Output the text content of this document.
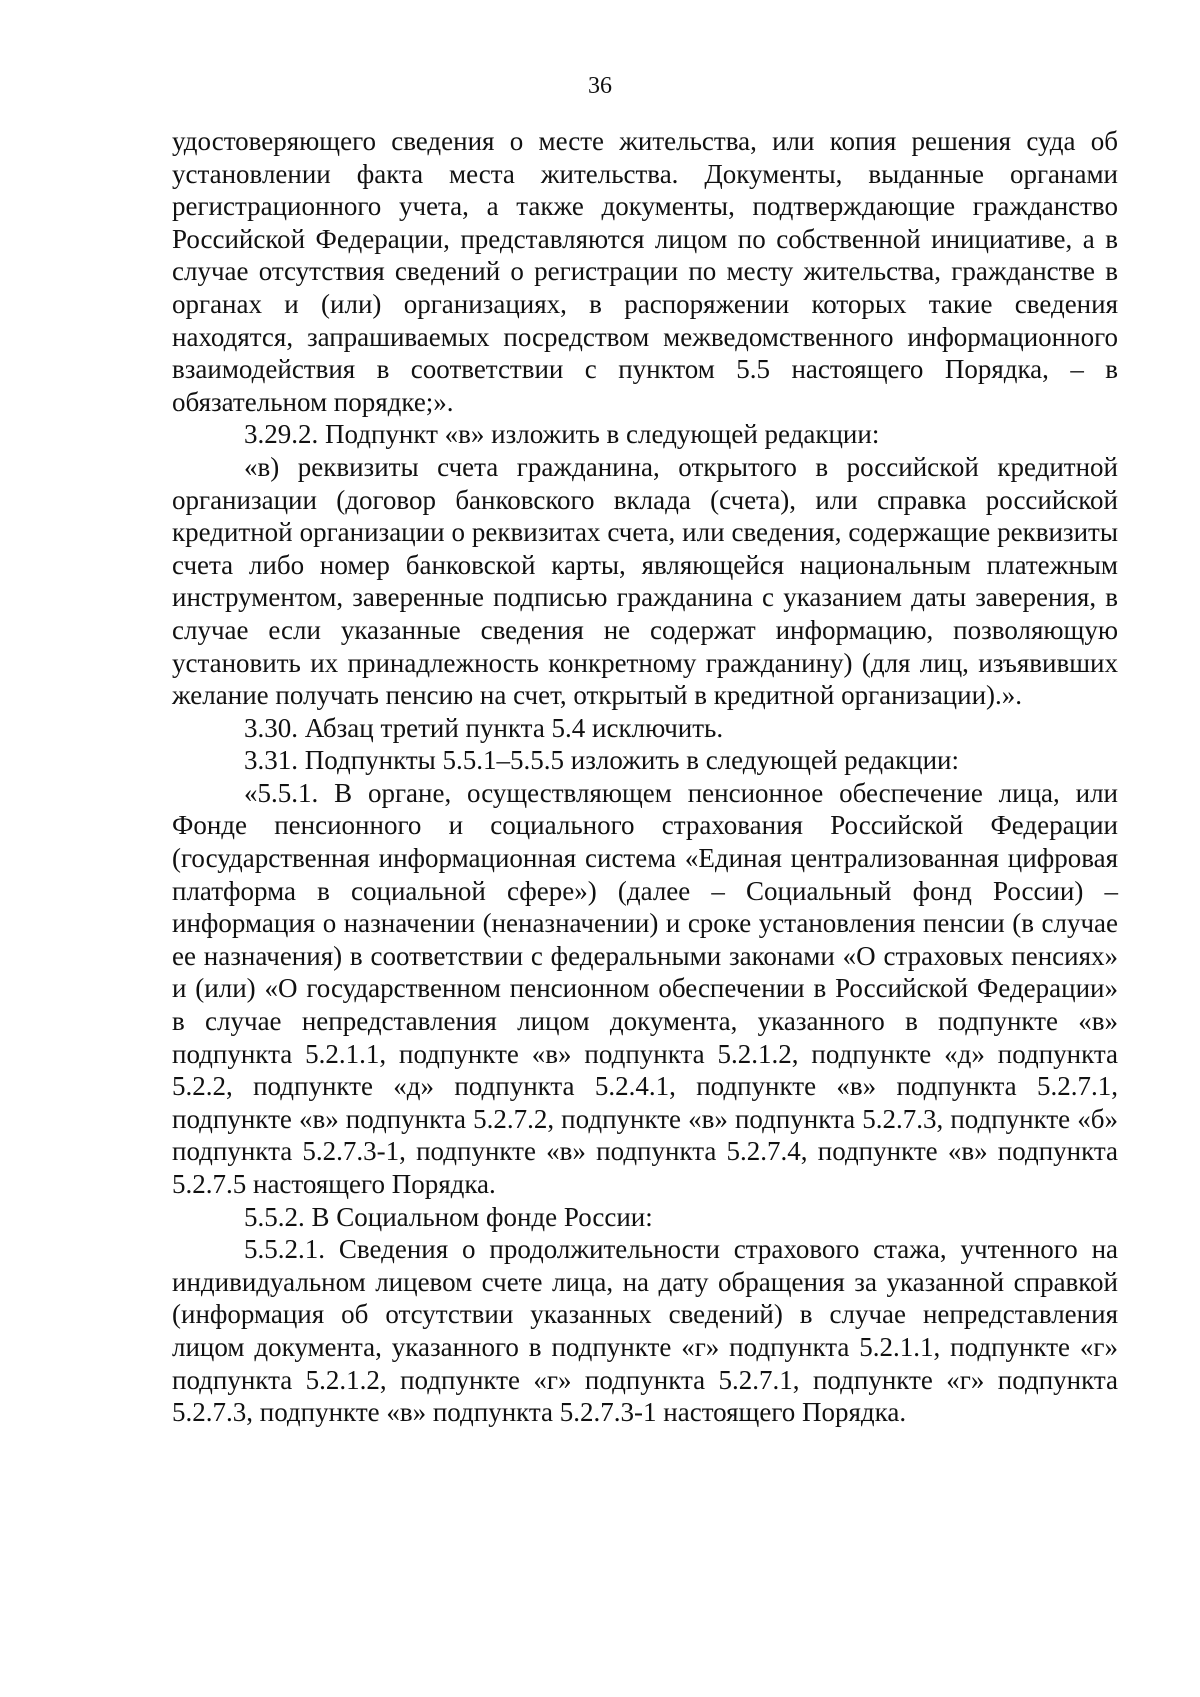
36

удостоверяющего сведения о месте жительства, или копия решения суда об установлении факта места жительства. Документы, выданные органами регистрационного учета, а также документы, подтверждающие гражданство Российской Федерации, представляются лицом по собственной инициативе, а в случае отсутствия сведений о регистрации по месту жительства, гражданстве в органах и (или) организациях, в распоряжении которых такие сведения находятся, запрашиваемых посредством межведомственного информационного взаимодействия в соответствии с пунктом 5.5 настоящего Порядка, – в обязательном порядке;».

3.29.2. Подпункт «в» изложить в следующей редакции:

«в) реквизиты счета гражданина, открытого в российской кредитной организации (договор банковского вклада (счета), или справка российской кредитной организации о реквизитах счета, или сведения, содержащие реквизиты счета либо номер банковской карты, являющейся национальным платежным инструментом, заверенные подписью гражданина с указанием даты заверения, в случае если указанные сведения не содержат информацию, позволяющую установить их принадлежность конкретному гражданину) (для лиц, изъявивших желание получать пенсию на счет, открытый в кредитной организации).».

3.30. Абзац третий пункта 5.4 исключить.

3.31. Подпункты 5.5.1–5.5.5 изложить в следующей редакции:

«5.5.1. В органе, осуществляющем пенсионное обеспечение лица, или Фонде пенсионного и социального страхования Российской Федерации (государственная информационная система «Единая централизованная цифровая платформа в социальной сфере») (далее – Социальный фонд России) – информация о назначении (неназначении) и сроке установления пенсии (в случае ее назначения) в соответствии с федеральными законами «О страховых пенсиях» и (или) «О государственном пенсионном обеспечении в Российской Федерации» в случае непредставления лицом документа, указанного в подпункте «в» подпункта 5.2.1.1, подпункте «в» подпункта 5.2.1.2, подпункте «д» подпункта 5.2.2, подпункте «д» подпункта 5.2.4.1, подпункте «в» подпункта 5.2.7.1, подпункте «в» подпункта 5.2.7.2, подпункте «в» подпункта 5.2.7.3, подпункте «б» подпункта 5.2.7.3-1, подпункте «в» подпункта 5.2.7.4, подпункте «в» подпункта 5.2.7.5 настоящего Порядка.

5.5.2. В Социальном фонде России:

5.5.2.1. Сведения о продолжительности страхового стажа, учтенного на индивидуальном лицевом счете лица, на дату обращения за указанной справкой (информация об отсутствии указанных сведений) в случае непредставления лицом документа, указанного в подпункте «г» подпункта 5.2.1.1, подпункте «г» подпункта 5.2.1.2, подпункте «г» подпункта 5.2.7.1, подпункте «г» подпункта 5.2.7.3, подпункте «в» подпункта 5.2.7.3-1 настоящего Порядка.
